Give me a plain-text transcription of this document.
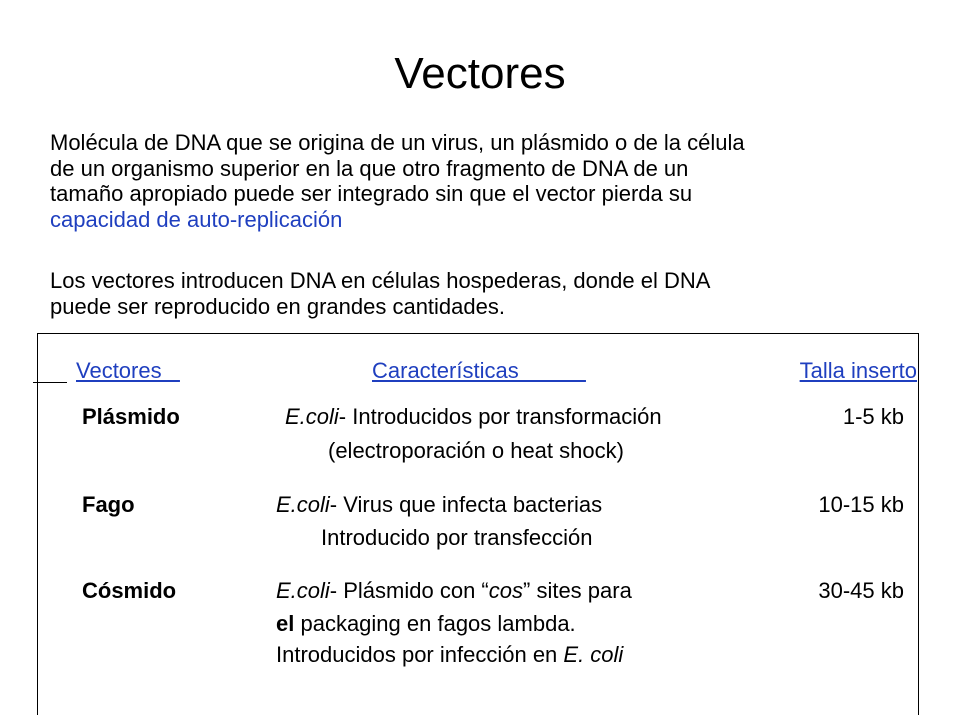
Vectores
Molécula de DNA que se origina de un virus, un plásmido o de la célula
de un organismo superior en la que otro fragmento de DNA de un
tamaño apropiado puede ser integrado sin que el vector pierda su
capacidad de auto-replicación
Los vectores introducen DNA en células hospederas, donde el DNA
puede ser reproducido en grandes cantidades.
Vectores	Características	Talla inserto
Plásmido	E.coli- Introducidos por transformación
(electroporación o heat shock)
1-5 kb
Fago	E.coli- Virus que infecta bacterias
Introducido por transfección
10-15 kb
Cósmido	E.coli- Plásmido con “cos” sites para
el packaging en fagos lambda.
Introducidos por infección en E. coli
30-45 kb
